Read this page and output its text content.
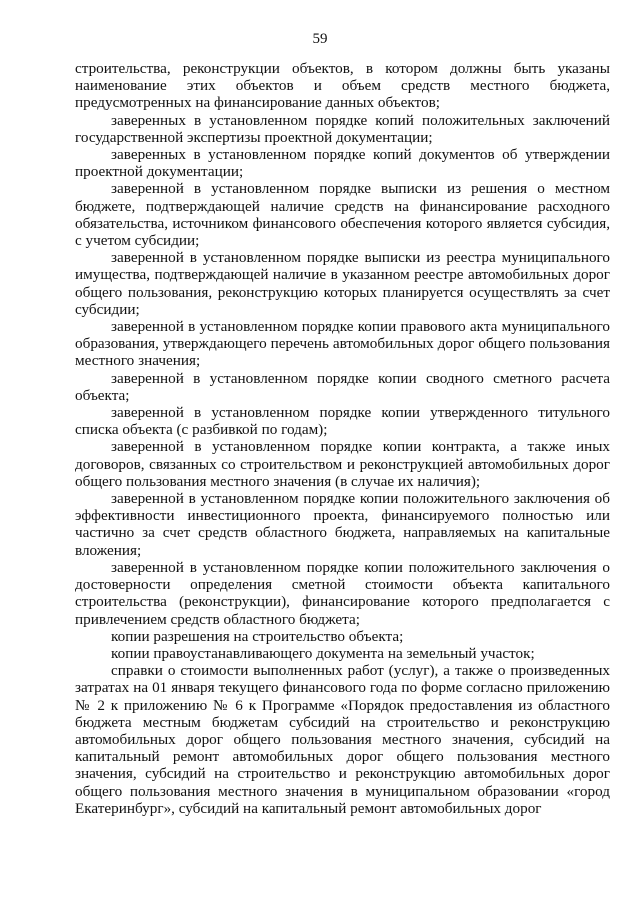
59

строительства, реконструкции объектов, в котором должны быть указаны наименование этих объектов и объем средств местного бюджета, предусмотренных на финансирование данных объектов;

заверенных в установленном порядке копий положительных заключений государственной экспертизы проектной документации;

заверенных в установленном порядке копий документов об утверждении проектной документации;

заверенной в установленном порядке выписки из решения о местном бюджете, подтверждающей наличие средств на финансирование расходного обязательства, источником финансового обеспечения которого является субсидия, с учетом субсидии;

заверенной в установленном порядке выписки из реестра муниципального имущества, подтверждающей наличие в указанном реестре автомобильных дорог общего пользования, реконструкцию которых планируется осуществлять за счет субсидии;

заверенной в установленном порядке копии правового акта муниципального образования, утверждающего перечень автомобильных дорог общего пользования местного значения;

заверенной в установленном порядке копии сводного сметного расчета объекта;

заверенной в установленном порядке копии утвержденного титульного списка объекта (с разбивкой по годам);

заверенной в установленном порядке копии контракта, а также иных договоров, связанных со строительством и реконструкцией автомобильных дорог общего пользования местного значения (в случае их наличия);

заверенной в установленном порядке копии положительного заключения об эффективности инвестиционного проекта, финансируемого полностью или частично за счет средств областного бюджета, направляемых на капитальные вложения;

заверенной в установленном порядке копии положительного заключения о достоверности определения сметной стоимости объекта капитального строительства (реконструкции), финансирование которого предполагается с привлечением средств областного бюджета;

копии разрешения на строительство объекта;

копии правоустанавливающего документа на земельный участок;

справки о стоимости выполненных работ (услуг), а также о произведенных затратах на 01 января текущего финансового года по форме согласно приложению № 2 к приложению № 6 к Программе «Порядок предоставления из областного бюджета местным бюджетам субсидий на строительство и реконструкцию автомобильных дорог общего пользования местного значения, субсидий на капитальный ремонт автомобильных дорог общего пользования местного значения, субсидий на строительство и реконструкцию автомобильных дорог общего пользования местного значения в муниципальном образовании «город Екатеринбург», субсидий на капитальный ремонт автомобильных дорог
